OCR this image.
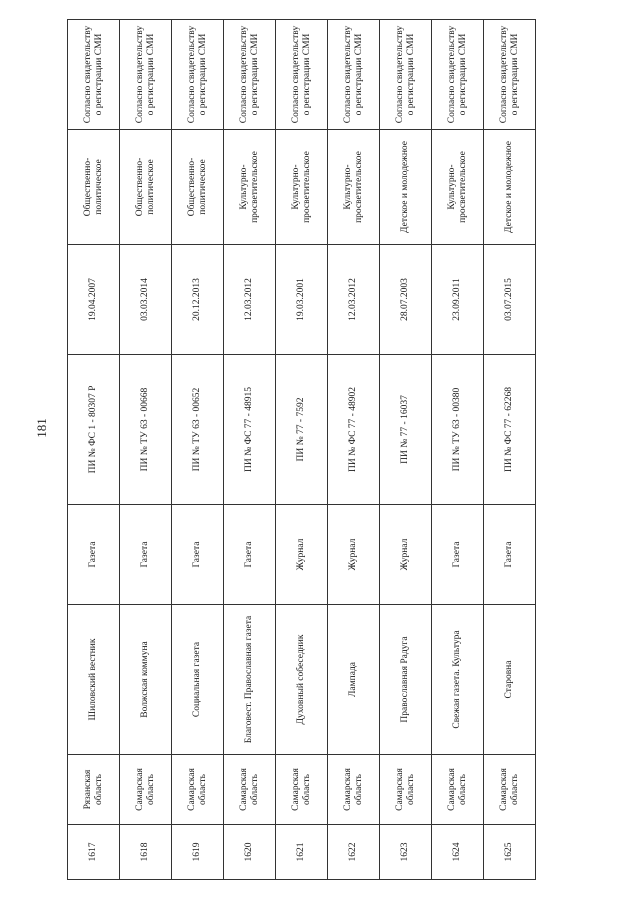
181
1617	Рязанская область	Шиловский вестник	Газета	ПИ № ФС 1 - 80307 Р	19.04.2007	Общественно-политическое	Согласно свидетельству о регистрации СМИ
1618	Самарская область	Волжская коммуна	Газета	ПИ № ТУ 63 - 00668	03.03.2014	Общественно-политическое	Согласно свидетельству о регистрации СМИ
1619	Самарская область	Социальная газета	Газета	ПИ № ТУ 63 - 00652	20.12.2013	Общественно-политическое	Согласно свидетельству о регистрации СМИ
1620	Самарская область	Благовест. Православная газета	Газета	ПИ № ФС 77 - 48915	12.03.2012	Культурно-просветительское	Согласно свидетельству о регистрации СМИ
1621	Самарская область	Духовный собеседник	Журнал	ПИ № 77 - 7592	19.03.2001	Культурно-просветительское	Согласно свидетельству о регистрации СМИ
1622	Самарская область	Лампада	Журнал	ПИ № ФС 77 - 48902	12.03.2012	Культурно-просветительское	Согласно свидетельству о регистрации СМИ
1623	Самарская область	Православная Радуга	Журнал	ПИ № 77 - 16037	28.07.2003	Детское и молодежное	Согласно свидетельству о регистрации СМИ
1624	Самарская область	Свежая газета. Культура	Газета	ПИ № ТУ 63 - 00380	23.09.2011	Культурно-просветительское	Согласно свидетельству о регистрации СМИ
1625	Самарская область	Старовна	Газета	ПИ № ФС 77 - 62268	03.07.2015	Детское и молодежное	Согласно свидетельству о регистрации СМИ
